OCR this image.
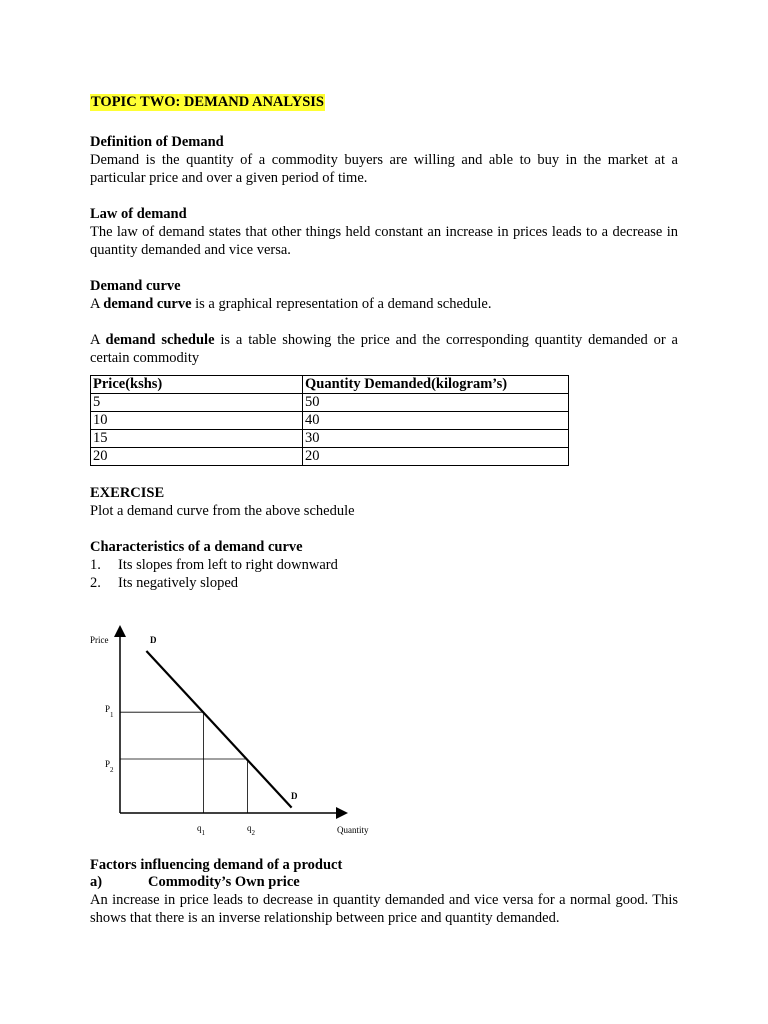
TOPIC TWO: DEMAND ANALYSIS

Definition of Demand

Demand is the quantity of a commodity buyers are willing and able to buy in the market at a particular price and over a given period of time.

Law of demand

The law of demand states that other things held constant an increase in prices leads to a decrease in quantity demanded and vice versa.

Demand curve

A demand curve is a graphical representation of a demand schedule.

A demand schedule is a table showing the price and the corresponding quantity demanded or a certain commodity

Price(kshs)	Quantity Demanded(kilogram’s)
5	50
10	40
15	30
20	20

EXERCISE

Plot a demand curve from the above schedule

Characteristics of a demand curve

1.	Its slopes from left to right downward
2.	Its negatively sloped
Price
Quantity
D
D
$P_1$
$P_2$
$q_1$	$q_2$

Factors influencing demand of a product

a)	Commodity’s Own price

An increase in price leads to decrease in quantity demanded and vice versa for a normal good. This shows that there is an inverse relationship between price and quantity demanded.
